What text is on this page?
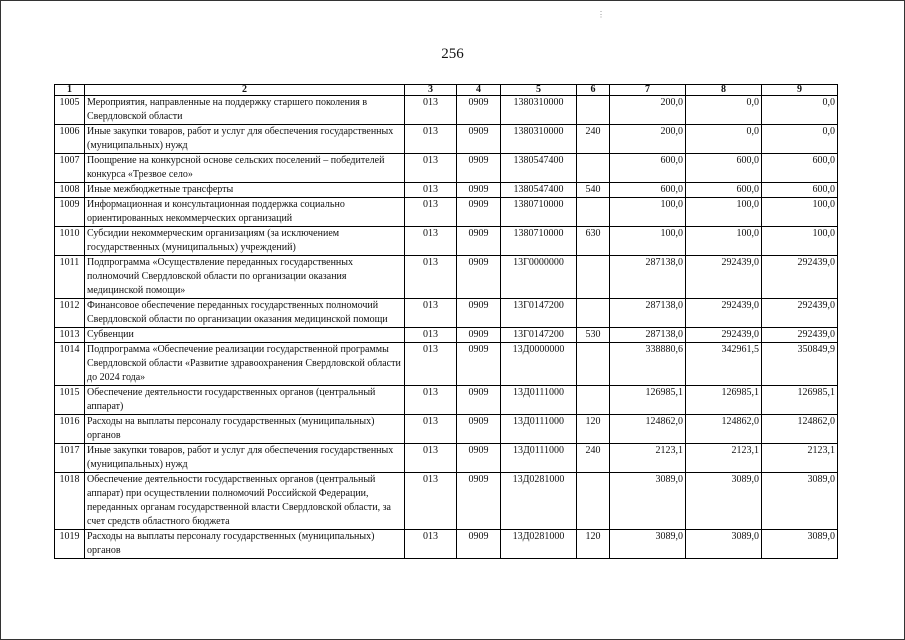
⋮
256
1	2	3	4	5	6	7	8	9
1005	Мероприятия, направленные на поддержку старшего поколения в Свердловской области	013	0909	1380310000		200,0	0,0	0,0
1006	Иные закупки товаров, работ и услуг для обеспечения государственных (муниципальных) нужд	013	0909	1380310000	240	200,0	0,0	0,0
1007	Поощрение на конкурсной основе сельских поселений – победителей конкурса «Трезвое село»	013	0909	1380547400		600,0	600,0	600,0
1008	Иные межбюджетные трансферты	013	0909	1380547400	540	600,0	600,0	600,0
1009	Информационная и консультационная поддержка социально ориентированных некоммерческих организаций	013	0909	1380710000		100,0	100,0	100,0
1010	Субсидии некоммерческим организациям (за исключением государственных (муниципальных) учреждений)	013	0909	1380710000	630	100,0	100,0	100,0
1011	Подпрограмма «Осуществление переданных государственных полномочий Свердловской области по организации оказания медицинской помощи»	013	0909	13Г0000000		287138,0	292439,0	292439,0
1012	Финансовое обеспечение переданных государственных полномочий Свердловской области по организации оказания медицинской помощи	013	0909	13Г0147200		287138,0	292439,0	292439,0
1013	Субвенции	013	0909	13Г0147200	530	287138,0	292439,0	292439,0
1014	Подпрограмма «Обеспечение реализации государственной программы Свердловской области «Развитие здравоохранения Свердловской области до 2024 года»	013	0909	13Д0000000		338880,6	342961,5	350849,9
1015	Обеспечение деятельности государственных органов (центральный аппарат)	013	0909	13Д0111000		126985,1	126985,1	126985,1
1016	Расходы на выплаты персоналу государственных (муниципальных) органов	013	0909	13Д0111000	120	124862,0	124862,0	124862,0
1017	Иные закупки товаров, работ и услуг для обеспечения государственных (муниципальных) нужд	013	0909	13Д0111000	240	2123,1	2123,1	2123,1
1018	Обеспечение деятельности государственных органов (центральный аппарат) при осуществлении полномочий Российской Федерации, переданных органам государственной власти Свердловской области, за счет средств областного бюджета	013	0909	13Д0281000		3089,0	3089,0	3089,0
1019	Расходы на выплаты персоналу государственных (муниципальных) органов	013	0909	13Д0281000	120	3089,0	3089,0	3089,0
